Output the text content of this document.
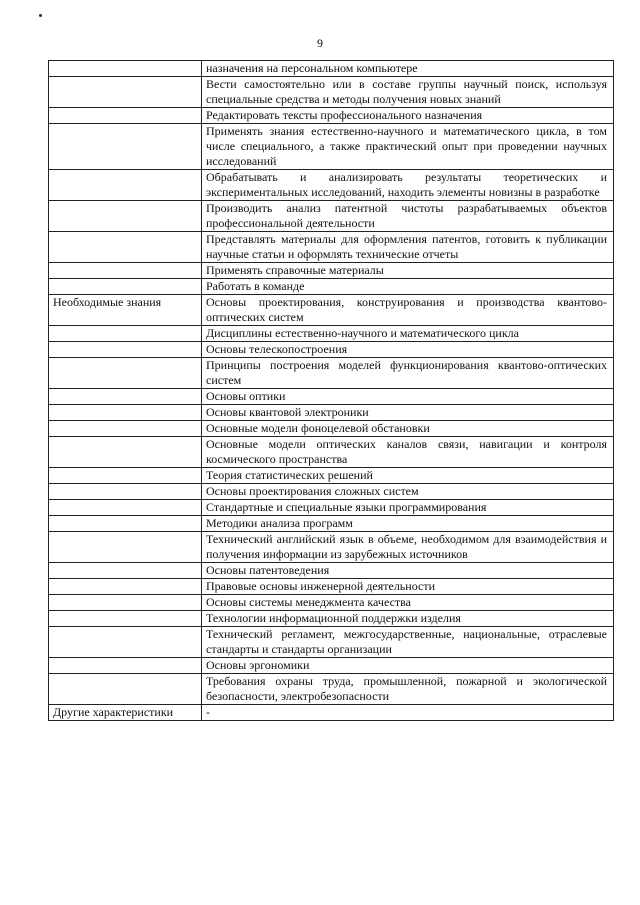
9
	назначения на персональном компьютере
	Вести самостоятельно или в составе группы научный поиск, используя специальные средства и методы получения новых знаний
	Редактировать тексты профессионального назначения
	Применять знания естественно-научного и математического цикла, в том числе специального, а также практический опыт при проведении научных исследований
	Обрабатывать и анализировать результаты теоретических и экспериментальных исследований, находить элементы новизны в разработке
	Производить анализ патентной чистоты разрабатываемых объектов профессиональной деятельности
	Представлять материалы для оформления патентов, готовить к публикации научные статьи и оформлять технические отчеты
	Применять справочные материалы
	Работать в команде
Необходимые знания	Основы проектирования, конструирования и производства квантово-оптических систем
	Дисциплины естественно-научного и математического цикла
	Основы телескопостроения
	Принципы построения моделей функционирования квантово-оптических систем
	Основы оптики
	Основы квантовой электроники
	Основные модели фоноцелевой обстановки
	Основные модели оптических каналов связи, навигации и контроля космического пространства
	Теория статистических решений
	Основы проектирования сложных систем
	Стандартные и специальные языки программирования
	Методики анализа программ
	Технический английский язык в объеме, необходимом для взаимодействия и получения информации из зарубежных источников
	Основы патентоведения
	Правовые основы инженерной деятельности
	Основы системы менеджмента качества
	Технологии информационной поддержки изделия
	Технический регламент, межгосударственные, национальные, отраслевые стандарты и стандарты организации
	Основы эргономики
	Требования охраны труда, промышленной, пожарной и экологической безопасности, электробезопасности
Другие характеристики	-
